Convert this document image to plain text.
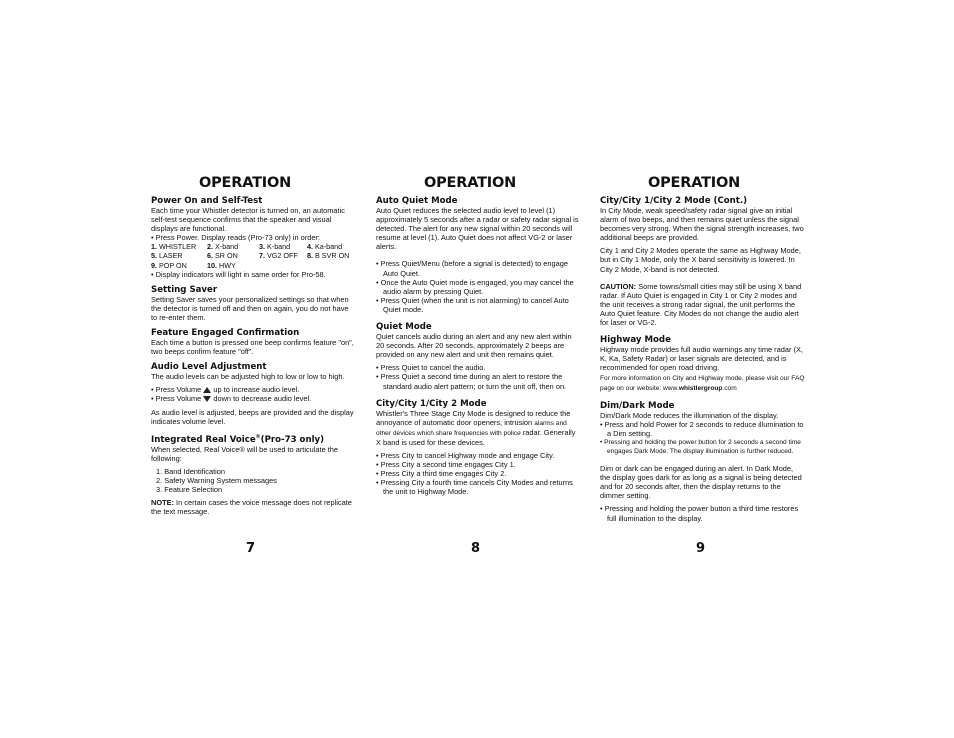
OPERATION
Power On and Self-Test

Each time your Whistler detector is turned on, an automatic self-test sequence confirms that the speaker and visual displays are functional.

• Press Power. Display reads (Pro-73 only) in order:

1. WHISTLER	2. X-band	3. K-band	4. Ka-band
5. LASER	6. SR ON	7. VG2 OFF	8. B SVR ON
9. POP ON	10. HWY

• Display indicators will light in same order for Pro-58.

Setting Saver

Setting Saver saves your personalized settings so that when the detector is turned off and then on again, you do not have to re-enter them.

Feature Engaged Confirmation

Each time a button is pressed one beep confirms feature "on", two beeps confirm feature "off".

Audio Level Adjustment

The audio levels can be adjusted high to low or low to high.

• Press Volume up to increase audio level.

• Press Volume down to decrease audio level.

As audio level is adjusted, beeps are provided and the display indicates volume level.

Integrated Real Voice®(Pro-73 only)

When selected, Real Voice® will be used to articulate the following:

1. Band Identification
2. Safety Warning System messages
3. Feature Selection

NOTE: In certain cases the voice message does not replicate the text message.

OPERATION
Auto Quiet Mode

Auto Quiet reduces the selected audio level to level (1) approximately 5 seconds after a radar or safety radar signal is detected. The alert for any new signal within 20 seconds will resume at level (1). Auto Quiet does not affect VG-2 or laser alerts.

• Press Quiet/Menu (before a signal is detected) to engage Auto Quiet.
• Once the Auto Quiet mode is engaged, you may cancel the audio alarm by pressing Quiet.
• Press Quiet (when the unit is not alarming) to cancel Auto Quiet mode.
Quiet Mode

Quiet cancels audio during an alert and any new alert within 20 seconds. After 20 seconds, approximately 2 beeps are provided on any new alert and unit then remains quiet.

• Press Quiet to cancel the audio.
• Press Quiet a second time during an alert to restore the standard audio alert pattern; or turn the unit off, then on.
City/City 1/City 2 Mode

Whistler's Three Stage City Mode is designed to reduce the annoyance of automatic door openers, intrusion alarms and other devices which share frequencies with police radar. Generally X band is used for these devices.

• Press City to cancel Highway mode and engage City.
• Press City a second time engages City 1.
• Press City a third time engages City 2.
• Pressing City a fourth time cancels City Modes and returns the unit to Highway Mode.
OPERATION
City/City 1/City 2 Mode (Cont.)

In City Mode, weak speed/safety radar signal give an initial alarm of two beeps, and then remains quiet unless the signal becomes very strong. When the signal strength increases, two additional beeps are provided.

City 1 and City 2 Modes operate the same as Highway Mode, but in City 1 Mode, only the X band sensitivity is lowered. In City 2 Mode, X-band is not detected.

CAUTION: Some towns/small cities may still be using X band radar. If Auto Quiet is engaged in City 1 or City 2 modes and the unit receives a strong radar signal, the unit performs the Auto Quiet feature. City Modes do not change the audio alert for laser or VG-2.

Highway Mode

Highway mode provides full audio warnings any time radar (X, K, Ka, Safety Radar) or laser signals are detected, and is recommended for open road driving.

For more information on City and Highway mode, please visit our FAQ page on our website: www.whistlergroup.com

Dim/Dark Mode

Dim/Dark Mode reduces the illumination of the display.

• Press and hold Power for 2 seconds to reduce illumination to a Dim setting.
• Pressing and holding the power button for 2 seconds a second time engages Dark Mode. The display illumination is further reduced.

Dim or dark can be engaged during an alert. In Dark Mode, the display goes dark for as long as a signal is being detected and for 20 seconds after, then the display returns to the dimmer setting.

• Pressing and holding the power button a third time restores full illumination to the display.
7	8	9
